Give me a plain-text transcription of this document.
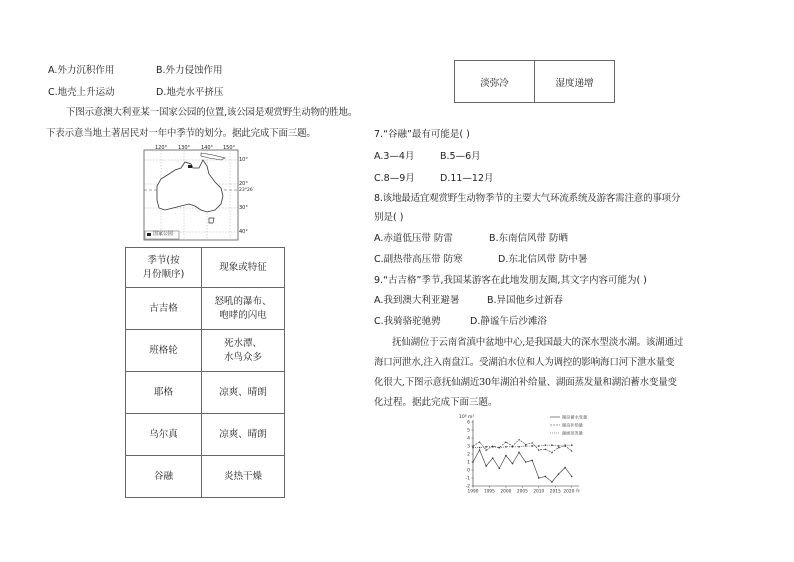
A.外力沉积作用	B.外力侵蚀作用
C.地壳上升运动	D.地壳水平挤压
下图示意澳大利亚某一国家公园的位置,该公园是观赏野生动物的胜地。
下表示意当地土著居民对一年中季节的划分。据此完成下面三题。
国家公园
120° 130° 140° 150°
10°
20°
23°26′
30°
40°
季节(按
月份顺序)	现象或特征
古吉格	怒吼的瀑布、
咆哮的闪电
班格轮	死水潭、
水鸟众多
耶格	凉爽、晴朗
乌尔真	凉爽、晴朗
谷融	炎热干燥
淡弥冷	湿度递增
7.“谷融”最有可能是( )
A.3—4月	B.5—6月
C.8—9月	D.11—12月
8.该地最适宜观赏野生动物季节的主要大气环流系统及游客需注意的事项分
别是( )
A.赤道低压带 防雷	B.东南信风带 防晒
C.副热带高压带 防寒	D.东北信风带 防中暑
9.“古吉格”季节,我国某游客在此地发朋友圈,其文字内容可能为( )
A.我到澳大利亚避暑	B.异国他乡过新春
C.我骑骆驼驰骋	D.静谧午后沙滩浴
抚仙湖位于云南省滇中盆地中心,是我国最大的深水型淡水湖。该湖通过
海口河泄水,注入南盘江。受湖泊水位和人为调控的影响海口河下泄水量变
化很大,下图示意抚仙湖近30年湖泊补给量、湖面蒸发量和湖泊蓄水变量变
化过程。据此完成下面三题。
10⁸ m³
6
5
4
3
2
1
0
-1
-2
1990 1995 2000 2005 2010 2015 2020 年
湖泊蓄水变量
湖泊补给量
湖面蒸发量
